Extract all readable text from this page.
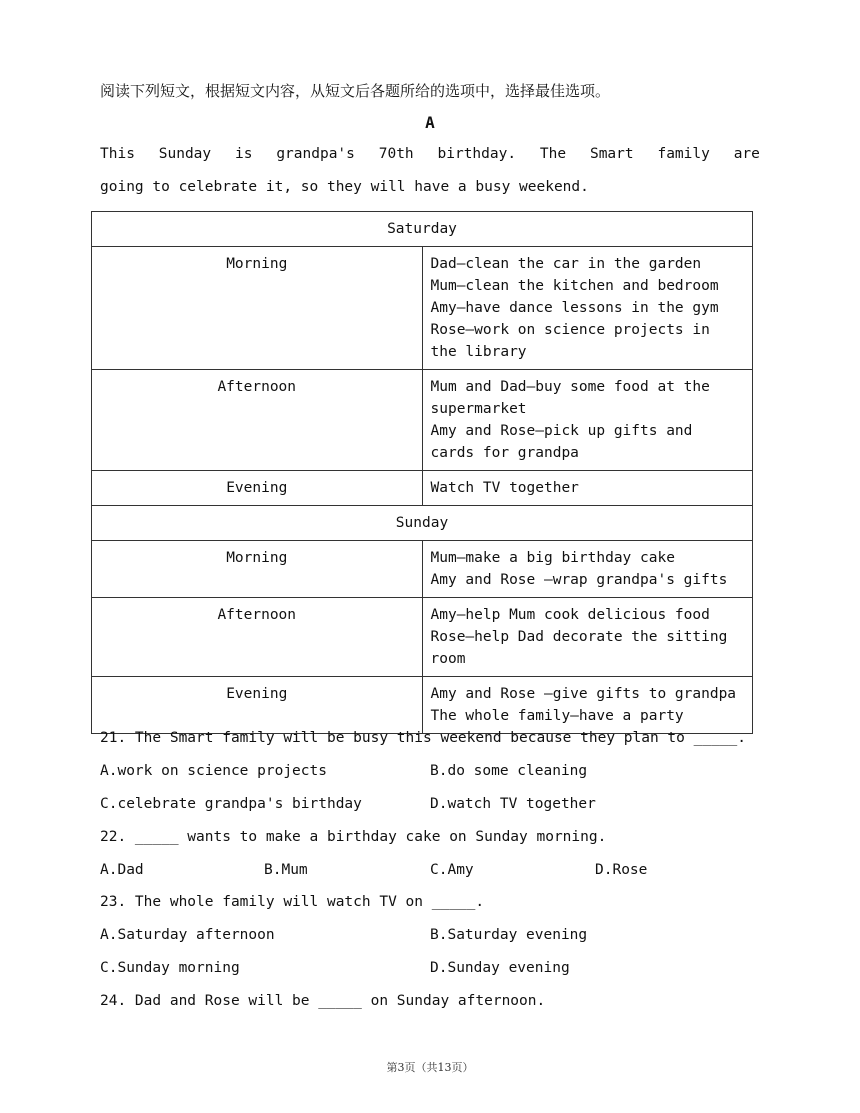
阅读下列短文，根据短文内容，从短文后各题所给的选项中，选择最佳选项。
A
This Sunday is grandpa's 70th birthday. The Smart family are
going to celebrate it, so they will have a busy weekend.
Saturday	
Morning	Dad—clean the car in the garden
Mum—clean the kitchen and bedroom
Amy—have dance lessons in the gym
Rose—work on science projects in the library

Afternoon	Mum and Dad—buy some food at the supermarket
Amy and Rose—pick up gifts and cards for grandpa

Evening	Watch TV together

Sunday	
Morning	Mum—make a big birthday cake
Amy and Rose —wrap grandpa's gifts

Afternoon	Amy—help Mum cook delicious food
Rose—help Dad decorate the sitting room

Evening	Amy and Rose —give gifts to grandpa
The whole family—have a party
21. The Smart family will be busy this weekend because they plan to _____.
A.work on science projects	B.do some cleaning
C.celebrate grandpa's birthday	D.watch TV together
22. _____ wants to make a birthday cake on Sunday morning.
A.Dad	B.Mum	C.Amy	D.Rose
23. The whole family will watch TV on _____.
A.Saturday afternoon	B.Saturday evening
C.Sunday morning	D.Sunday evening
24. Dad and Rose will be _____ on Sunday afternoon.
第3页（共13页）
